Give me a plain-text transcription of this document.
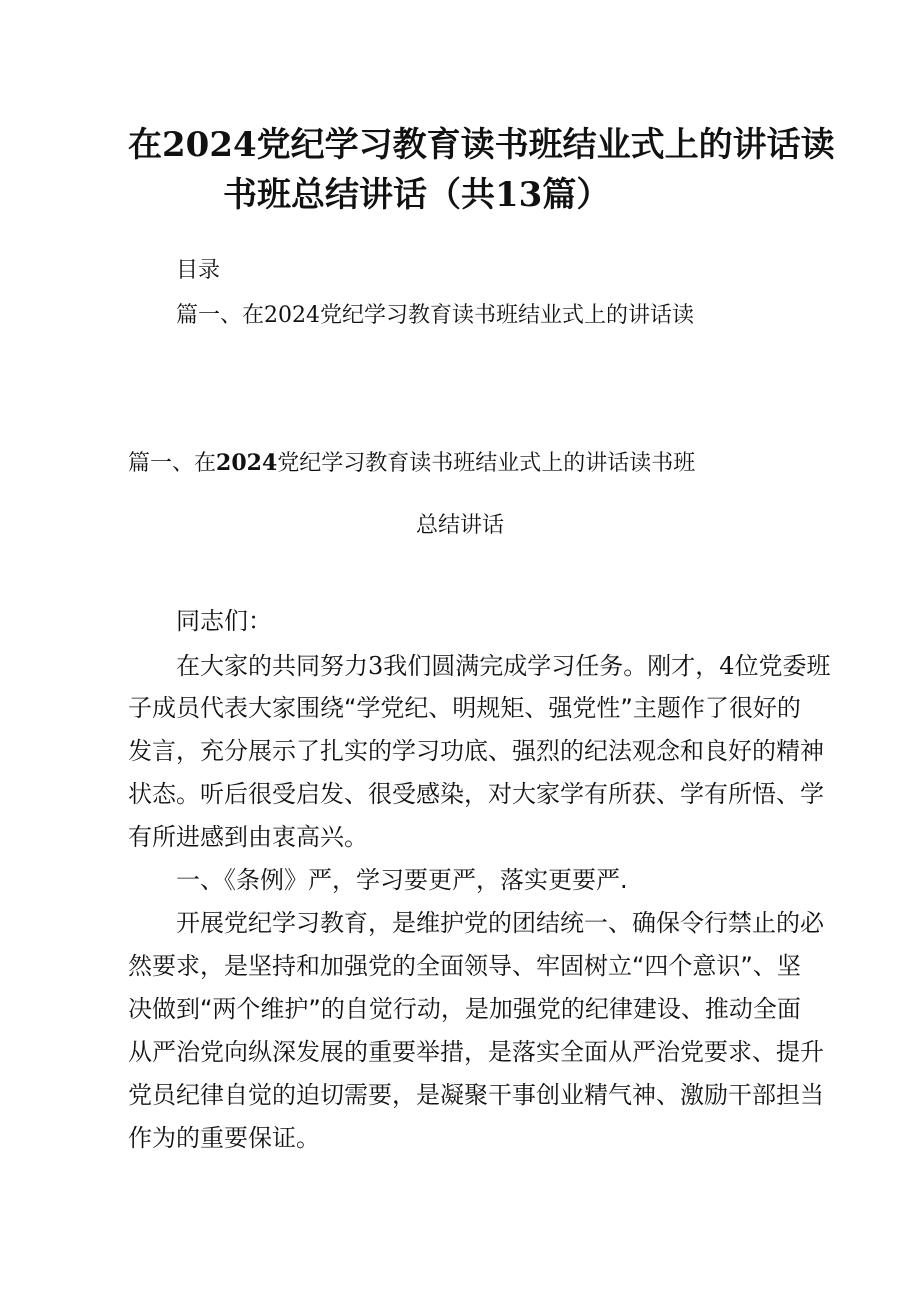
在2024党纪学习教育读书班结业式上的讲话读
书班总结讲话（共13篇）
目录
篇一、在2024党纪学习教育读书班结业式上的讲话读
篇一、在2024党纪学习教育读书班结业式上的讲话读书班
总结讲话
同志们：
在大家的共同努力3我们圆满完成学习任务。刚才，4位党委班
子成员代表大家围绕“学党纪、明规矩、强党性”主题作了很好的
发言，充分展示了扎实的学习功底、强烈的纪法观念和良好的精神
状态。听后很受启发、很受感染，对大家学有所获、学有所悟、学
有所进感到由衷高兴。
一、《条例》严，学习要更严，落实更要严.
开展党纪学习教育，是维护党的团结统一、确保令行禁止的必
然要求，是坚持和加强党的全面领导、牢固树立“四个意识”、坚
决做到“两个维护”的自觉行动，是加强党的纪律建设、推动全面
从严治党向纵深发展的重要举措，是落实全面从严治党要求、提升
党员纪律自觉的迫切需要，是凝聚干事创业精气神、激励干部担当
作为的重要保证。
